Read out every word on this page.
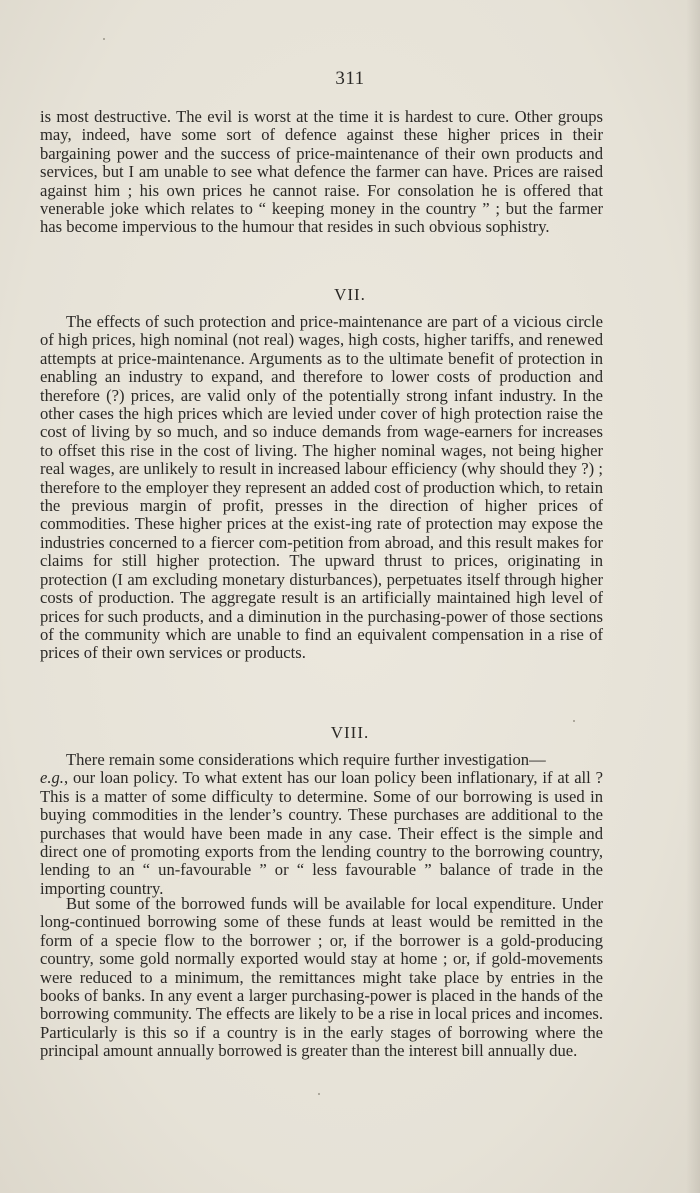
311

is most destructive. The evil is worst at the time it is hardest to cure. Other groups may, indeed, have some sort of defence against these higher prices in their bargaining power and the success of price-maintenance of their own products and services, but I am unable to see what defence the farmer can have. Prices are raised against him ; his own prices he cannot raise. For consolation he is offered that venerable joke which relates to “ keeping money in the country ” ; but the farmer has become impervious to the humour that resides in such obvious sophistry.

VII.

The effects of such protection and price-maintenance are part of a vicious circle of high prices, high nominal (not real) wages, high costs, higher tariffs, and renewed attempts at price-maintenance. Arguments as to the ultimate benefit of protection in enabling an industry to expand, and therefore to lower costs of production and therefore (?) prices, are valid only of the potentially strong infant industry. In the other cases the high prices which are levied under cover of high protection raise the cost of living by so much, and so induce demands from wage-earners for increases to offset this rise in the cost of living. The higher nominal wages, not being higher real wages, are unlikely to result in increased labour efficiency (why should they ?) ; therefore to the employer they represent an added cost of production which, to retain the previous margin of profit, presses in the direction of higher prices of commodities. These higher prices at the exist-ing rate of protection may expose the industries concerned to a fiercer com-petition from abroad, and this result makes for claims for still higher protection. The upward thrust to prices, originating in protection (I am excluding monetary disturbances), perpetuates itself through higher costs of production. The aggregate result is an artificially maintained high level of prices for such products, and a diminution in the purchasing-power of those sections of the community which are unable to find an equivalent compensation in a rise of prices of their own services or products.

VIII.

There remain some considerations which require further investigation—
e.g., our loan policy. To what extent has our loan policy been inflationary, if at all ? This is a matter of some difficulty to determine. Some of our borrowing is used in buying commodities in the lender’s country. These purchases are additional to the purchases that would have been made in any case. Their effect is the simple and direct one of promoting exports from the lending country to the borrowing country, lending to an “ un-favourable ” or “ less favourable ” balance of trade in the importing country.

But some of the borrowed funds will be available for local expenditure. Under long-continued borrowing some of these funds at least would be remitted in the form of a specie flow to the borrower ; or, if the borrower is a gold-producing country, some gold normally exported would stay at home ; or, if gold-movements were reduced to a minimum, the remittances might take place by entries in the books of banks. In any event a larger purchasing-power is placed in the hands of the borrowing community. The effects are likely to be a rise in local prices and incomes. Particularly is this so if a country is in the early stages of borrowing where the principal amount annually borrowed is greater than the interest bill annually due.
